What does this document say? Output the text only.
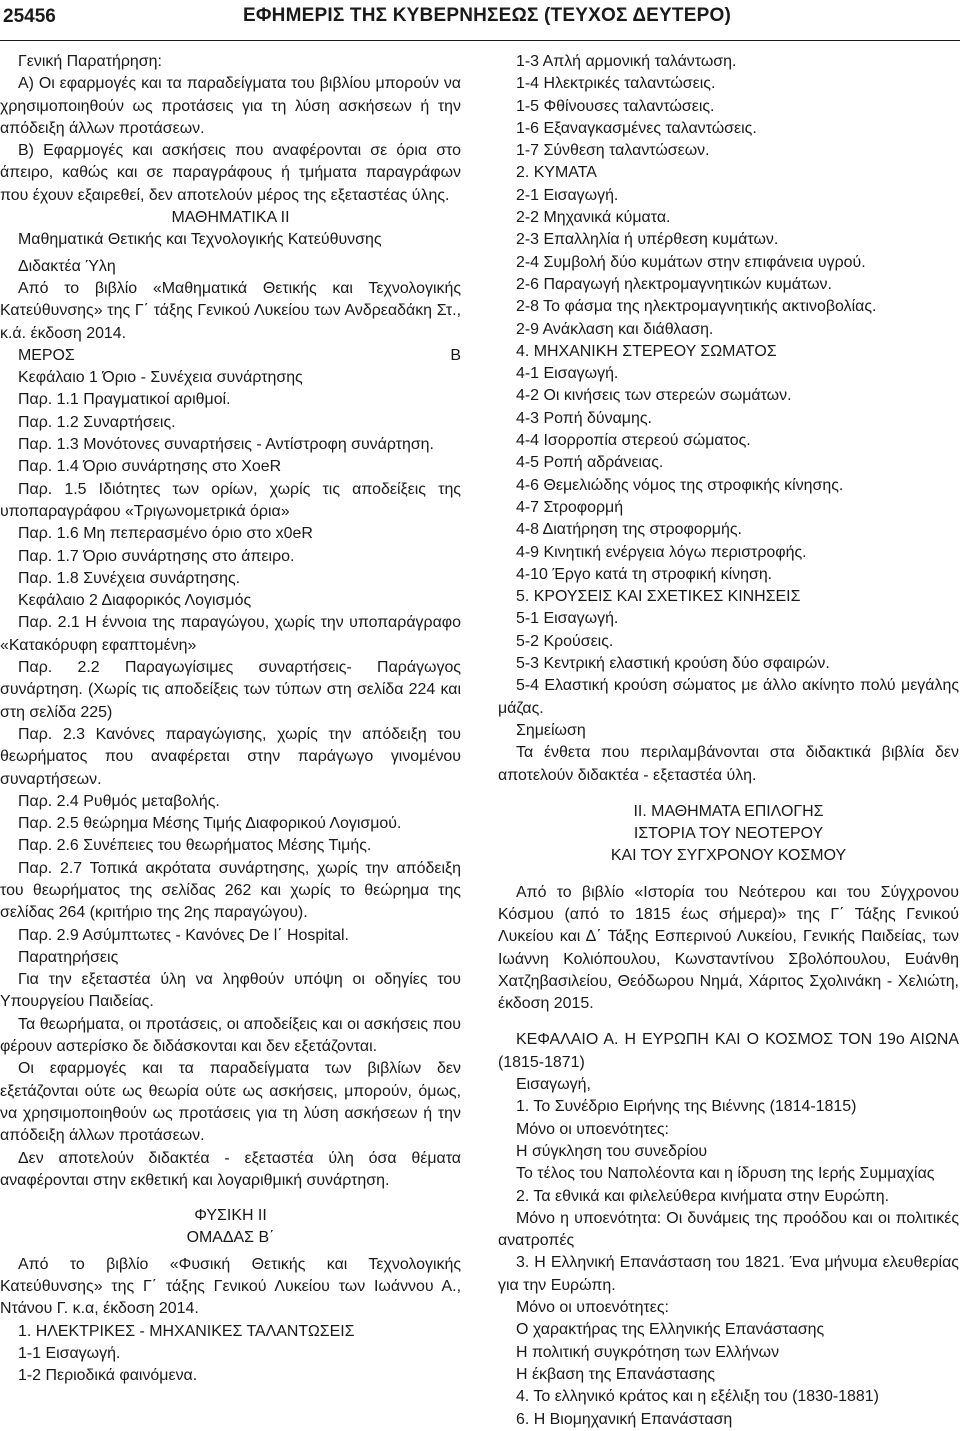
25456	ΕΦΗΜΕΡΙΣ ΤΗΣ ΚΥΒΕΡΝΗΣΕΩΣ (ΤΕΥΧΟΣ ΔΕΥΤΕΡΟ)

Γενική Παρατήρηση:

Α) Οι εφαρμογές και τα παραδείγματα του βιβλίου μπορούν να χρησιμοποιηθούν ως προτάσεις για τη λύση ασκήσεων ή την απόδειξη άλλων προτάσεων.

Β) Εφαρμογές και ασκήσεις που αναφέρονται σε όρια στο άπειρο, καθώς και σε παραγράφους ή τμήματα παραγράφων που έχουν εξαιρεθεί, δεν αποτελούν μέρος της εξεταστέας ύλης.

ΜΑΘΗΜΑΤΙΚΑ ΙΙ

Μαθηματικά Θετικής και Τεχνολογικής Κατεύθυνσης

Διδακτέα Ύλη

Από το βιβλίο «Μαθηματικά Θετικής και Τεχνολογικής Κατεύθυνσης» της Γ΄ τάξης Γενικού Λυκείου των Ανδρεαδάκη Στ., κ.ά. έκδοση 2014.

ΜΕΡΟΣ	Β

Κεφάλαιο 1 Όριο - Συνέχεια συνάρτησης

Παρ. 1.1 Πραγματικοί αριθμοί.

Παρ. 1.2 Συναρτήσεις.

Παρ. 1.3 Μονότονες συναρτήσεις - Αντίστροφη συνάρτηση.

Παρ. 1.4 Όριο συνάρτησης στο XoeR

Παρ. 1.5 Ιδιότητες των ορίων, χωρίς τις αποδείξεις της υποπαραγράφου «Τριγωνομετρικά όρια»

Παρ. 1.6 Μη πεπερασμένο όριο στο x0eR

Παρ. 1.7 Όριο συνάρτησης στο άπειρο.

Παρ. 1.8 Συνέχεια συνάρτησης.

Κεφάλαιο 2 Διαφορικός Λογισμός

Παρ. 2.1 Η έννοια της παραγώγου, χωρίς την υποπαράγραφο «Κατακόρυφη εφαπτομένη»

Παρ. 2.2 Παραγωγίσιμες συναρτήσεις- Παράγωγος συνάρτηση. (Χωρίς τις αποδείξεις των τύπων στη σελίδα 224 και στη σελίδα 225)

Παρ. 2.3 Κανόνες παραγώγισης, χωρίς την απόδειξη του θεωρήματος που αναφέρεται στην παράγωγο γινομένου συναρτήσεων.

Παρ. 2.4 Ρυθμός μεταβολής.

Παρ. 2.5 θεώρημα Μέσης Τιμής Διαφορικού Λογισμού.

Παρ. 2.6 Συνέπειες του θεωρήματος Μέσης Τιμής.

Παρ. 2.7 Τοπικά ακρότατα συνάρτησης, χωρίς την απόδειξη του θεωρήματος της σελίδας 262 και χωρίς το θεώρημα της σελίδας 264 (κριτήριο της 2ης παραγώγου).

Παρ. 2.9 Ασύμπτωτες - Κανόνες De l΄ Hospital.

Παρατηρήσεις

Για την εξεταστέα ύλη να ληφθούν υπόψη οι οδηγίες του Υπουργείου Παιδείας.

Τα θεωρήματα, οι προτάσεις, οι αποδείξεις και οι ασκήσεις που φέρουν αστερίσκο δε διδάσκονται και δεν εξετάζονται.

Οι εφαρμογές και τα παραδείγματα των βιβλίων δεν εξετάζονται ούτε ως θεωρία ούτε ως ασκήσεις, μπορούν, όμως, να χρησιμοποιηθούν ως προτάσεις για τη λύση ασκήσεων ή την απόδειξη άλλων προτάσεων.

Δεν αποτελούν διδακτέα - εξεταστέα ύλη όσα θέματα αναφέρονται στην εκθετική και λογαριθμική συνάρτηση.

ΦΥΣΙΚΗ ΙΙ

ΟΜΑΔΑΣ Β΄

Από το βιβλίο «Φυσική Θετικής και Τεχνολογικής Κατεύθυνσης» της Γ΄ τάξης Γενικού Λυκείου των Ιωάννου Α., Ντάνου Γ. κ.α, έκδοση 2014.

1. ΗΛΕΚΤΡΙΚΕΣ - ΜΗΧΑΝΙΚΕΣ ΤΑΛΑΝΤΩΣΕΙΣ

1-1 Εισαγωγή.

1-2 Περιοδικά φαινόμενα.

1-3 Απλή αρμονική ταλάντωση.

1-4 Ηλεκτρικές ταλαντώσεις.

1-5 Φθίνουσες ταλαντώσεις.

1-6 Εξαναγκασμένες ταλαντώσεις.

1-7 Σύνθεση ταλαντώσεων.

2. ΚΥΜΑΤΑ

2-1 Εισαγωγή.

2-2 Μηχανικά κύματα.

2-3 Επαλληλία ή υπέρθεση κυμάτων.

2-4 Συμβολή δύο κυμάτων στην επιφάνεια υγρού.

2-6 Παραγωγή ηλεκτρομαγνητικών κυμάτων.

2-8 Το φάσμα της ηλεκτρομαγνητικής ακτινοβολίας.

2-9 Ανάκλαση και διάθλαση.

4. ΜΗΧΑΝΙΚΗ ΣΤΕΡΕΟΥ ΣΩΜΑΤΟΣ

4-1 Εισαγωγή.

4-2 Οι κινήσεις των στερεών σωμάτων.

4-3 Ροπή δύναμης.

4-4 Ισορροπία στερεού σώματος.

4-5 Ροπή αδράνειας.

4-6 Θεμελιώδης νόμος της στροφικής κίνησης.

4-7 Στροφορμή

4-8 Διατήρηση της στροφορμής.

4-9 Κινητική ενέργεια λόγω περιστροφής.

4-10 Έργο κατά τη στροφική κίνηση.

5. ΚΡΟΥΣΕΙΣ ΚΑΙ ΣΧΕΤΙΚΕΣ ΚΙΝΗΣΕΙΣ

5-1 Εισαγωγή.

5-2 Κρούσεις.

5-3 Κεντρική ελαστική κρούση δύο σφαιρών.

5-4 Ελαστική κρούση σώματος με άλλο ακίνητο πολύ μεγάλης μάζας.

Σημείωση

Τα ένθετα που περιλαμβάνονται στα διδακτικά βιβλία δεν αποτελούν διδακτέα - εξεταστέα ύλη.

ΙΙ. ΜΑΘΗΜΑΤΑ ΕΠΙΛΟΓΗΣ

ΙΣΤΟΡΙΑ ΤΟΥ ΝΕΟΤΕΡΟΥ

ΚΑΙ ΤΟΥ ΣΥΓΧΡΟΝΟΥ ΚΟΣΜΟΥ

Από το βιβλίο «Ιστορία του Νεότερου και του Σύγχρονου Κόσμου (από το 1815 έως σήμερα)» της Γ΄ Τάξης Γενικού Λυκείου και Δ΄ Τάξης Εσπερινού Λυκείου, Γενικής Παιδείας, των Ιωάννη Κολιόπουλου, Κωνσταντίνου Σβολόπουλου, Ευάνθη Χατζηβασιλείου, Θεόδωρου Νημά, Χάριτος Σχολινάκη - Χελιώτη, έκδοση 2015.

ΚΕΦΑΛΑΙΟ Α. Η ΕΥΡΩΠΗ ΚΑΙ Ο ΚΟΣΜΟΣ ΤΟΝ 19ο ΑΙΩΝΑ (1815-1871)

Εισαγωγή,

1. Το Συνέδριο Ειρήνης της Βιέννης (1814-1815)

Μόνο οι υποενότητες:

Η σύγκληση του συνεδρίου

Το τέλος του Ναπολέοντα και η ίδρυση της Ιερής Συμμαχίας

2. Τα εθνικά και φιλελεύθερα κινήματα στην Ευρώπη.

Μόνο η υποενότητα: Οι δυνάμεις της προόδου και οι πολιτικές ανατροπές

3. Η Ελληνική Επανάσταση του 1821. Ένα μήνυμα ελευθερίας για την Ευρώπη.

Μόνο οι υποενότητες:

Ο χαρακτήρας της Ελληνικής Επανάστασης

Η πολιτική συγκρότηση των Ελλήνων

Η έκβαση της Επανάστασης

4. Το ελληνικό κράτος και η εξέλιξη του (1830-1881)

6. Η Βιομηχανική Επανάσταση
